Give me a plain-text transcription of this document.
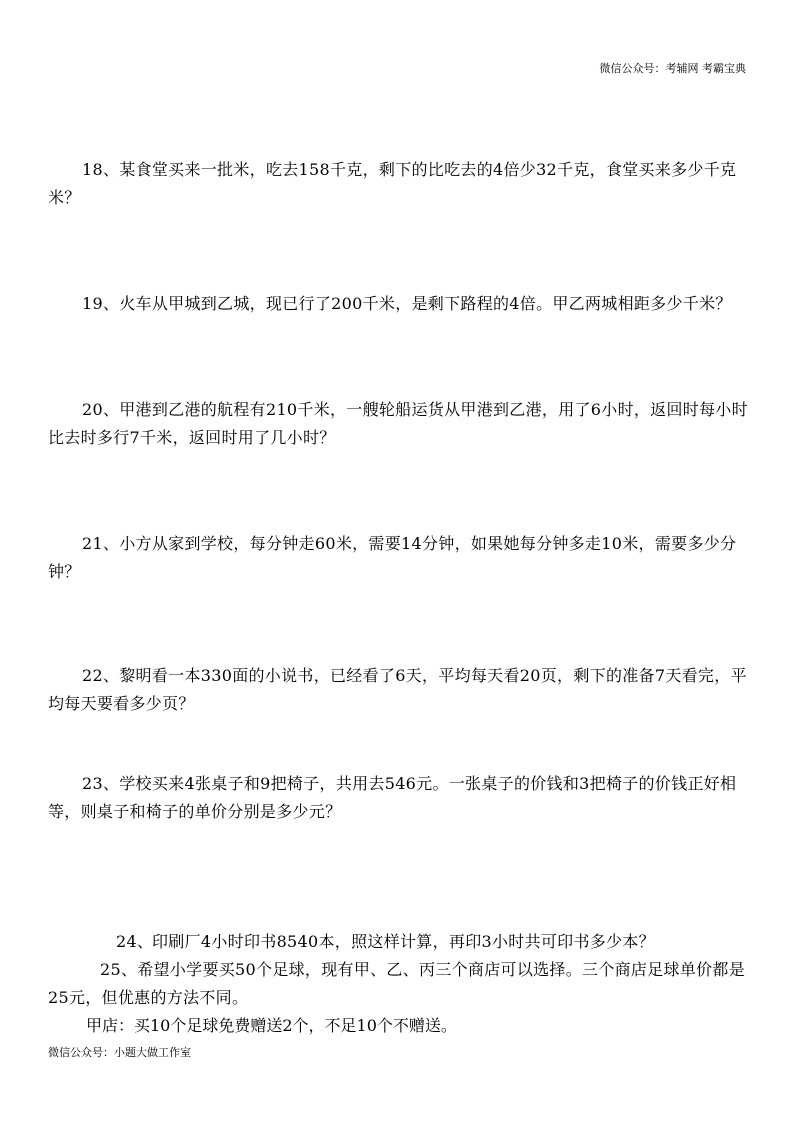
微信公众号：考辅网 考霸宝典

18、某食堂买来一批米，吃去158千克，剩下的比吃去的4倍少32千克，食堂买来多少千克米？

19、火车从甲城到乙城，现已行了200千米，是剩下路程的4倍。甲乙两城相距多少千米？

20、甲港到乙港的航程有210千米，一艘轮船运货从甲港到乙港，用了6小时，返回时每小时比去时多行7千米，返回时用了几小时？

21、小方从家到学校，每分钟走60米，需要14分钟，如果她每分钟多走10米，需要多少分钟？

22、黎明看一本330面的小说书，已经看了6天，平均每天看20页，剩下的准备7天看完，平均每天要看多少页？

23、学校买来4张桌子和9把椅子，共用去546元。一张桌子的价钱和3把椅子的价钱正好相等，则桌子和椅子的单价分别是多少元？

24、印刷厂4小时印书8540本，照这样计算，再印3小时共可印书多少本？

25、希望小学要买50个足球，现有甲、乙、丙三个商店可以选择。三个商店足球单价都是25元，但优惠的方法不同。

甲店：买10个足球免费赠送2个，不足10个不赠送。

微信公众号：小题大做工作室
